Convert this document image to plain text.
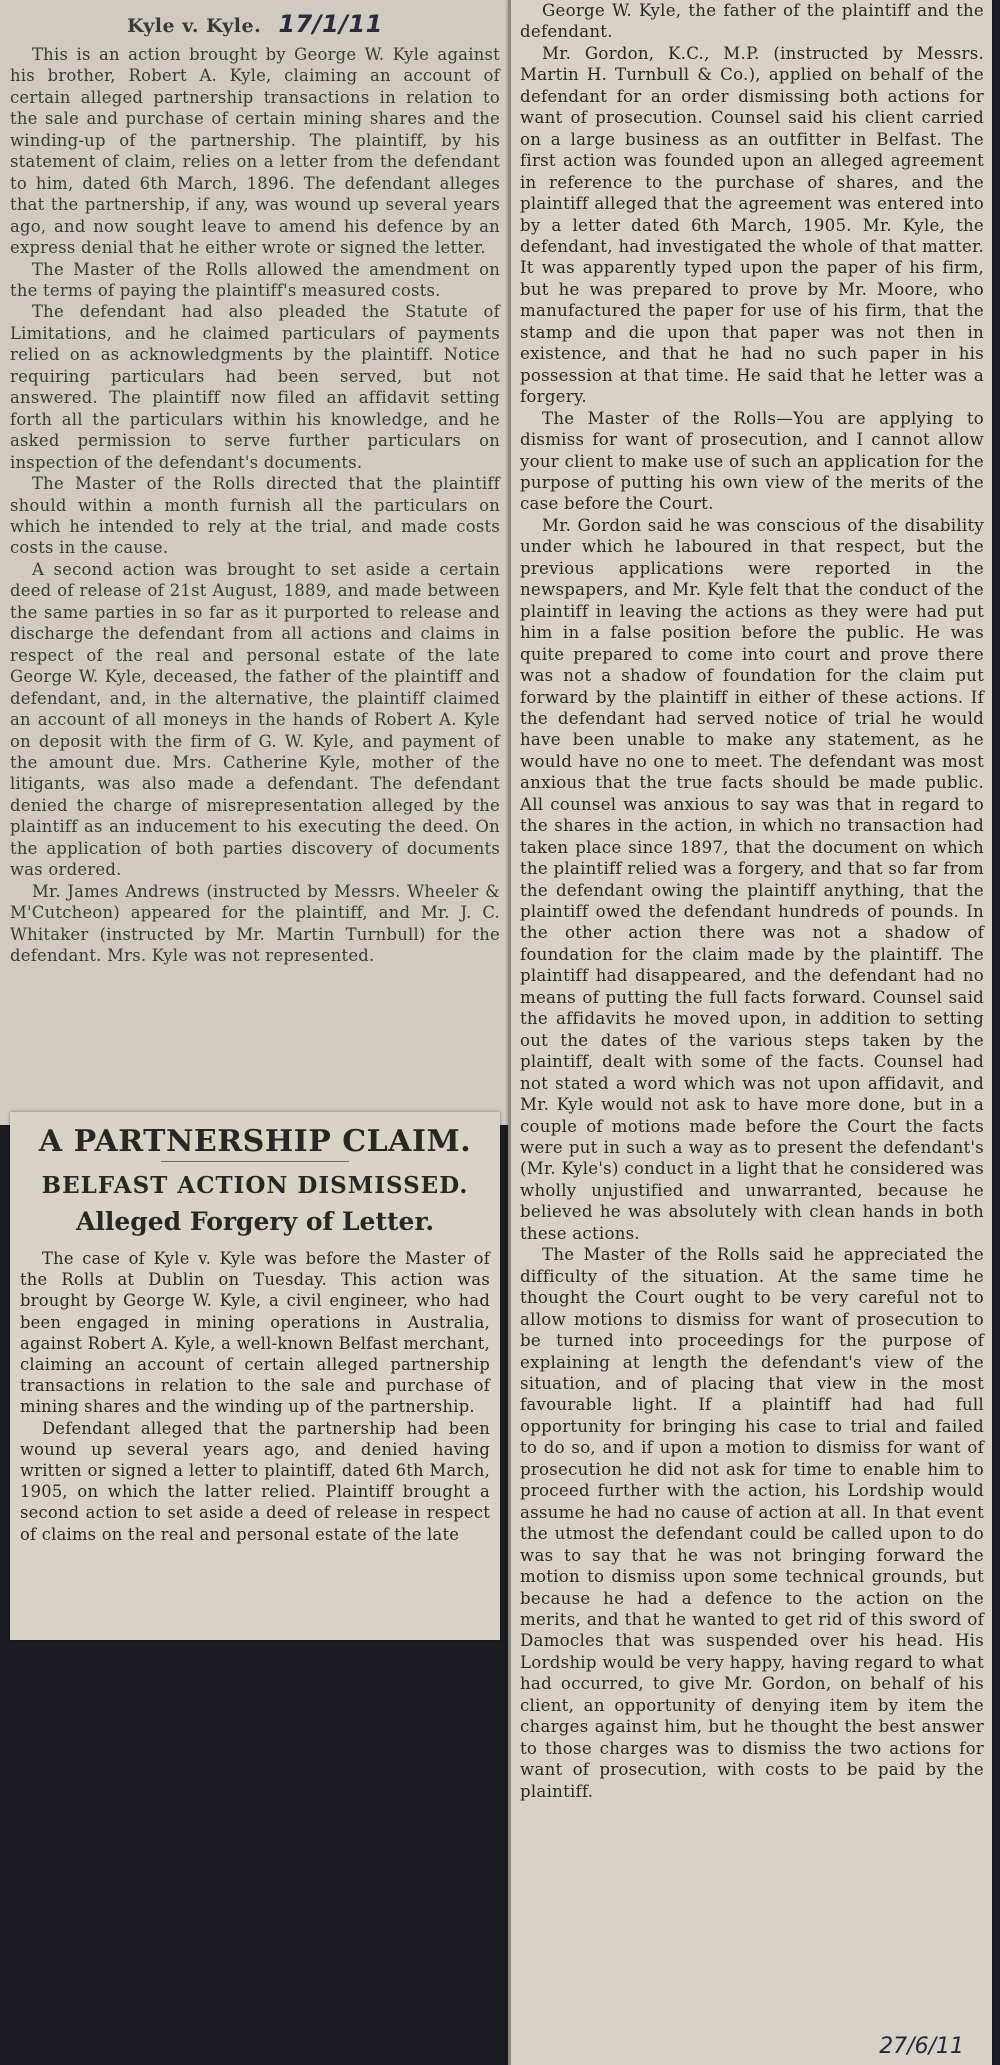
Kyle v. Kyle. 17/1/11

This is an action brought by George W. Kyle against his brother, Robert A. Kyle, claiming an account of certain alleged partnership transactions in relation to the sale and purchase of certain mining shares and the winding-up of the partnership. The plaintiff, by his statement of claim, relies on a letter from the defendant to him, dated 6th March, 1896. The defendant alleges that the partnership, if any, was wound up several years ago, and now sought leave to amend his defence by an express denial that he either wrote or signed the letter.

The Master of the Rolls allowed the amendment on the terms of paying the plaintiff's measured costs.

The defendant had also pleaded the Statute of Limitations, and he claimed particulars of payments relied on as acknowledgments by the plaintiff. Notice requiring particulars had been served, but not answered. The plaintiff now filed an affidavit setting forth all the particulars within his knowledge, and he asked permission to serve further particulars on inspection of the defendant's documents.

The Master of the Rolls directed that the plaintiff should within a month furnish all the particulars on which he intended to rely at the trial, and made costs costs in the cause.

A second action was brought to set aside a certain deed of release of 21st August, 1889, and made between the same parties in so far as it purported to release and discharge the defendant from all actions and claims in respect of the real and personal estate of the late George W. Kyle, deceased, the father of the plaintiff and defendant, and, in the alternative, the plaintiff claimed an account of all moneys in the hands of Robert A. Kyle on deposit with the firm of G. W. Kyle, and payment of the amount due. Mrs. Catherine Kyle, mother of the litigants, was also made a defendant. The defendant denied the charge of misrepresentation alleged by the plaintiff as an inducement to his executing the deed. On the application of both parties discovery of documents was ordered.

Mr. James Andrews (instructed by Messrs. Wheeler & M'Cutcheon) appeared for the plaintiff, and Mr. J. C. Whitaker (instructed by Mr. Martin Turnbull) for the defendant. Mrs. Kyle was not represented.

A PARTNERSHIP CLAIM.
BELFAST ACTION DISMISSED.
Alleged Forgery of Letter.

The case of Kyle v. Kyle was before the Master of the Rolls at Dublin on Tuesday. This action was brought by George W. Kyle, a civil engineer, who had been engaged in mining operations in Australia, against Robert A. Kyle, a well-known Belfast merchant, claiming an account of certain alleged partnership transactions in relation to the sale and purchase of mining shares and the winding up of the partnership.

Defendant alleged that the partnership had been wound up several years ago, and denied having written or signed a letter to plaintiff, dated 6th March, 1905, on which the latter relied. Plaintiff brought a second action to set aside a deed of release in respect of claims on the real and personal estate of the late

George W. Kyle, the father of the plaintiff and the defendant.

Mr. Gordon, K.C., M.P. (instructed by Messrs. Martin H. Turnbull & Co.), applied on behalf of the defendant for an order dismissing both actions for want of prosecution. Counsel said his client carried on a large business as an outfitter in Belfast. The first action was founded upon an alleged agreement in reference to the purchase of shares, and the plaintiff alleged that the agreement was entered into by a letter dated 6th March, 1905. Mr. Kyle, the defendant, had investigated the whole of that matter. It was apparently typed upon the paper of his firm, but he was prepared to prove by Mr. Moore, who manufactured the paper for use of his firm, that the stamp and die upon that paper was not then in existence, and that he had no such paper in his possession at that time. He said that he letter was a forgery.

The Master of the Rolls—You are applying to dismiss for want of prosecution, and I cannot allow your client to make use of such an application for the purpose of putting his own view of the merits of the case before the Court.

Mr. Gordon said he was conscious of the disability under which he laboured in that respect, but the previous applications were reported in the newspapers, and Mr. Kyle felt that the conduct of the plaintiff in leaving the actions as they were had put him in a false position before the public. He was quite prepared to come into court and prove there was not a shadow of foundation for the claim put forward by the plaintiff in either of these actions. If the defendant had served notice of trial he would have been unable to make any statement, as he would have no one to meet. The defendant was most anxious that the true facts should be made public. All counsel was anxious to say was that in regard to the shares in the action, in which no transaction had taken place since 1897, that the document on which the plaintiff relied was a forgery, and that so far from the defendant owing the plaintiff anything, that the plaintiff owed the defendant hundreds of pounds. In the other action there was not a shadow of foundation for the claim made by the plaintiff. The plaintiff had disappeared, and the defendant had no means of putting the full facts forward. Counsel said the affidavits he moved upon, in addition to setting out the dates of the various steps taken by the plaintiff, dealt with some of the facts. Counsel had not stated a word which was not upon affidavit, and Mr. Kyle would not ask to have more done, but in a couple of motions made before the Court the facts were put in such a way as to present the defendant's (Mr. Kyle's) conduct in a light that he considered was wholly unjustified and unwarranted, because he believed he was absolutely with clean hands in both these actions.

The Master of the Rolls said he appreciated the difficulty of the situation. At the same time he thought the Court ought to be very careful not to allow motions to dismiss for want of prosecution to be turned into proceedings for the purpose of explaining at length the defendant's view of the situation, and of placing that view in the most favourable light. If a plaintiff had had full opportunity for bringing his case to trial and failed to do so, and if upon a motion to dismiss for want of prosecution he did not ask for time to enable him to proceed further with the action, his Lordship would assume he had no cause of action at all. In that event the utmost the defendant could be called upon to do was to say that he was not bringing forward the motion to dismiss upon some technical grounds, but because he had a defence to the action on the merits, and that he wanted to get rid of this sword of Damocles that was suspended over his head. His Lordship would be very happy, having regard to what had occurred, to give Mr. Gordon, on behalf of his client, an opportunity of denying item by item the charges against him, but he thought the best answer to those charges was to dismiss the two actions for want of prosecution, with costs to be paid by the plaintiff.

27/6/11
